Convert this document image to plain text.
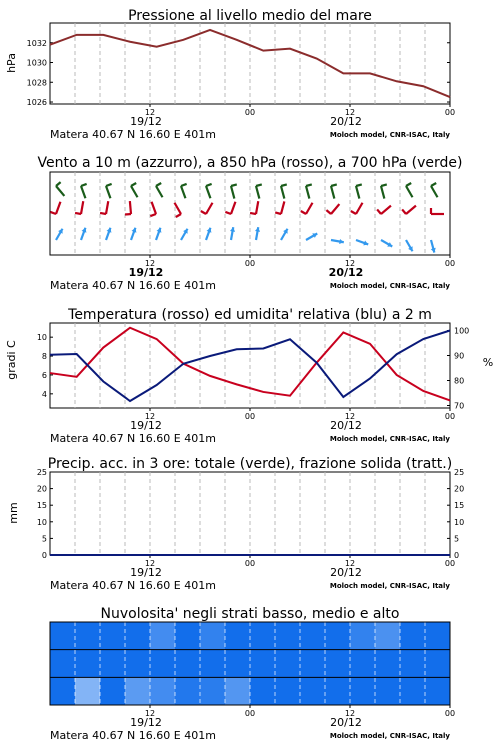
Pressione al livello medio del mare
Vento a 10 m (azzurro), a 850 hPa (rosso), a 700 hPa (verde)
Temperatura (rosso) ed umidita' relativa (blu) a 2 m
Precip. acc. in 3 ore: totale (verde), frazione solida (tratt.)
Nuvolosita' negli strati basso, medio e alto
hPa
gradi C	%
mm
12	00	12	00
19/12	20/12
Matera 40.67 N 16.60 E 401m	Moloch model, CNR-ISAC, Italy
12	00	12	00
19/12	20/12
Matera 40.67 N 16.60 E 401m	Moloch model, CNR-ISAC, Italy
12	00	12	00
19/12	20/12
Matera 40.67 N 16.60 E 401m	Moloch model, CNR-ISAC, Italy
12	00	12	00
19/12	20/12
Matera 40.67 N 16.60 E 401m	Moloch model, CNR-ISAC, Italy
12	00	12	00
19/12	20/12
Matera 40.67 N 16.60 E 401m	Moloch model, CNR-ISAC, Italy
1032
1030
1028
1026
10
8
6
4
100
90
80
70
25	25
20	20
15	15
10	10
5	5
0	0
